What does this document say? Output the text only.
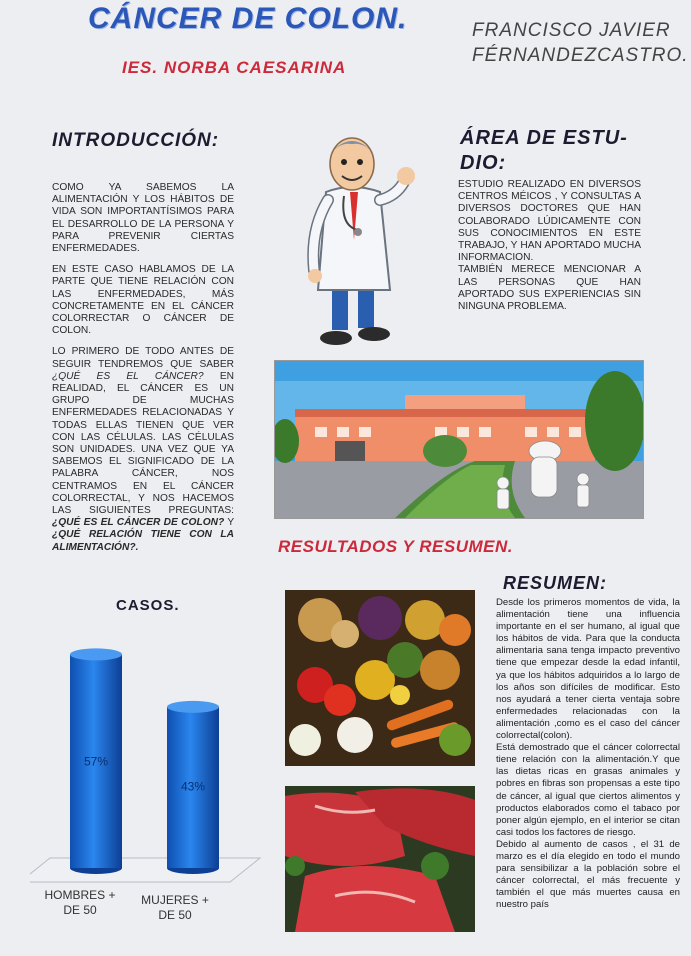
CÁNCER DE COLON.
IES. NORBA CAESARINA
FRANCISCO JAVIER
FÉRNANDEZCASTRO.
INTRODUCCIÓN:

COMO YA SABEMOS LA ALIMENTACIÓN Y LOS HÁBITOS DE VIDA SON IMPORTANTÍSIMOS PARA EL DESARROLLO DE LA PERSONA Y PARA PREVENIR CIERTAS ENFERMEDADES.

EN ESTE CASO HABLAMOS DE LA PARTE QUE TIENE RELACIÓN CON LAS ENFERMEDADES, MÁS CONCRETAMENTE EN EL CÁNCER COLORRECTAR O CÁNCER DE COLON.

LO PRIMERO DE TODO ANTES DE SEGUIR TENDREMOS QUE SABER ¿QUÉ ES EL CÁNCER? EN REALIDAD, EL CÁNCER ES UN GRUPO DE MUCHAS ENFERMEDADES RELACIONADAS Y TODAS ELLAS TIENEN QUE VER CON LAS CÉLULAS. LAS CÉLULAS SON UNIDADES. UNA VEZ QUE YA SABEMOS EL SIGNIFICADO DE LA PALABRA CÁNCER, NOS CENTRAMOS EN EL CÁNCER COLORRECTAL, Y NOS HACEMOS LAS SIGUIENTES PREGUNTAS: ¿QUÉ ES EL CÁNCER DE COLON? Y ¿QUÉ RELACIÓN TIENE CON LA ALIMENTACIÓN?.

ÁREA DE ESTU-
DIO:

ESTUDIO REALIZADO EN DIVERSOS CENTROS MÉICOS , Y CONSULTAS A DIVERSOS DOCTORES QUE HAN COLABORADO LÚDICAMENTE CON SUS CONOCIMIENTOS EN ESTE TRABAJO, Y HAN APORTADO MUCHA INFORMACION.

TAMBIÉN MERECE MENCIONAR A LAS PERSONAS QUE HAN APORTADO SUS EXPERIENCIAS SIN NINGUNA PROBLEMA.

RESULTADOS Y RESUMEN.
CASOS.
57%
43%
HOMBRES +
DE 50
MUJERES +
DE 50
RESUMEN:

Desde los primeros momentos de vida, la alimentación tiene una influencia importante en el ser humano, al igual que los hábitos de vida. Para que la conducta alimentaria sana tenga impacto preventivo tiene que empezar desde la edad infantil, ya que los hábitos adquiridos a lo largo de los años son difíciles de modificar. Esto nos ayudará a tener cierta ventaja sobre enfermedades relacionadas con la alimentación ,como es el caso del cáncer colorrectal(colon).

Está demostrado que el cáncer colorrectal tiene relación con la alimentación.Y que las dietas ricas en grasas animales y pobres en fibras son propensas a este tipo de cáncer, al igual que ciertos alimentos y productos elaborados como el tabaco por poner algún ejemplo, en el interior se citan casi todos los factores de riesgo.

Debido al aumento de casos , el 31 de marzo es el día elegido en todo el mundo para sensibilizar a la población sobre el cáncer colorrectal, el más frecuente y también el que más muertes causa en nuestro país
